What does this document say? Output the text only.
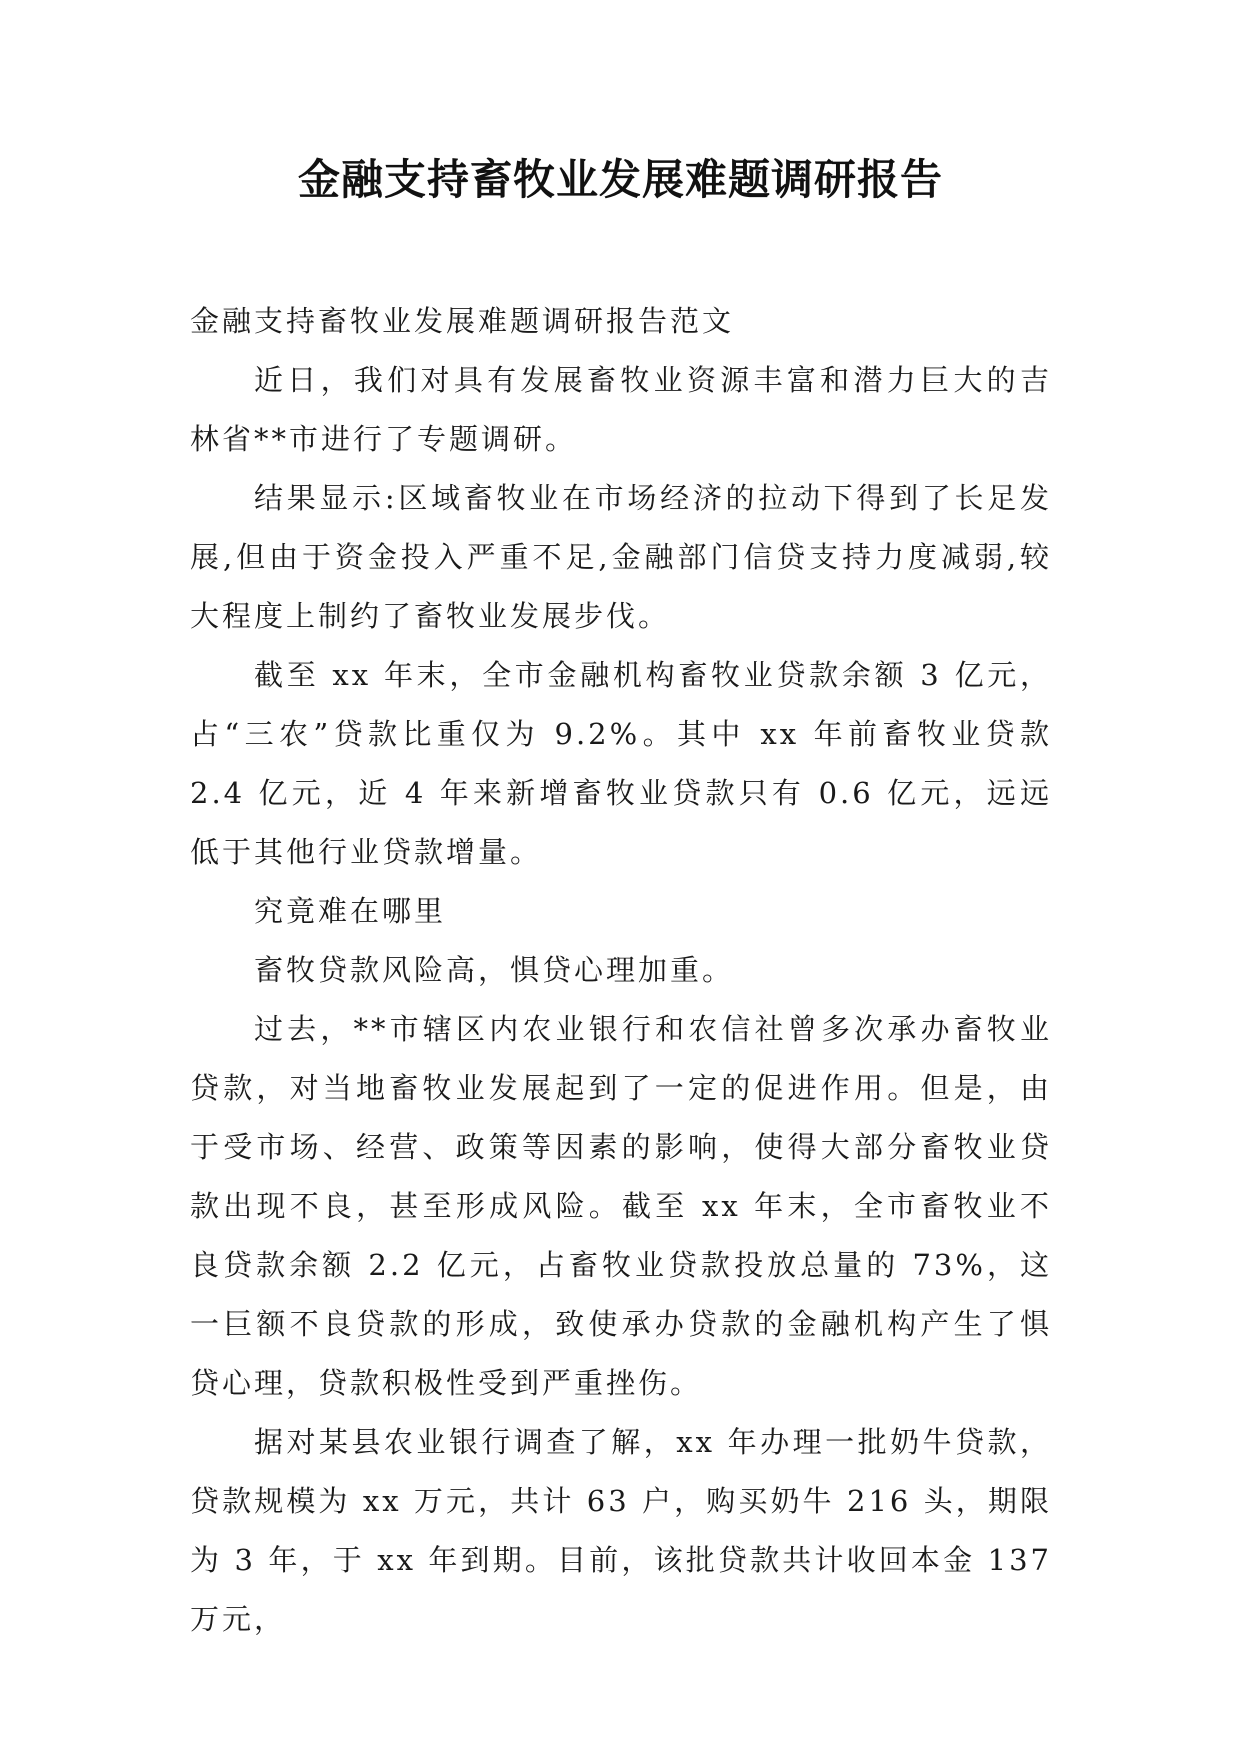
金融支持畜牧业发展难题调研报告

金融支持畜牧业发展难题调研报告范文

近日，我们对具有发展畜牧业资源丰富和潜力巨大的吉林省**市进行了专题调研。

结果显示:区域畜牧业在市场经济的拉动下得到了长足发展,但由于资金投入严重不足,金融部门信贷支持力度减弱,较大程度上制约了畜牧业发展步伐。

截至 xx 年末，全市金融机构畜牧业贷款余额 3 亿元，占“三农”贷款比重仅为 9.2%。其中 xx 年前畜牧业贷款 2.4 亿元，近 4 年来新增畜牧业贷款只有 0.6 亿元，远远低于其他行业贷款增量。

究竟难在哪里

畜牧贷款风险高，惧贷心理加重。

过去，**市辖区内农业银行和农信社曾多次承办畜牧业贷款，对当地畜牧业发展起到了一定的促进作用。但是，由于受市场、经营、政策等因素的影响，使得大部分畜牧业贷款出现不良，甚至形成风险。截至 xx 年末，全市畜牧业不良贷款余额 2.2 亿元，占畜牧业贷款投放总量的 73%，这一巨额不良贷款的形成，致使承办贷款的金融机构产生了惧贷心理，贷款积极性受到严重挫伤。

据对某县农业银行调查了解，xx 年办理一批奶牛贷款，贷款规模为 xx 万元，共计 63 户，购买奶牛 216 头，期限为 3 年，于 xx 年到期。目前，该批贷款共计收回本金 137 万元，
